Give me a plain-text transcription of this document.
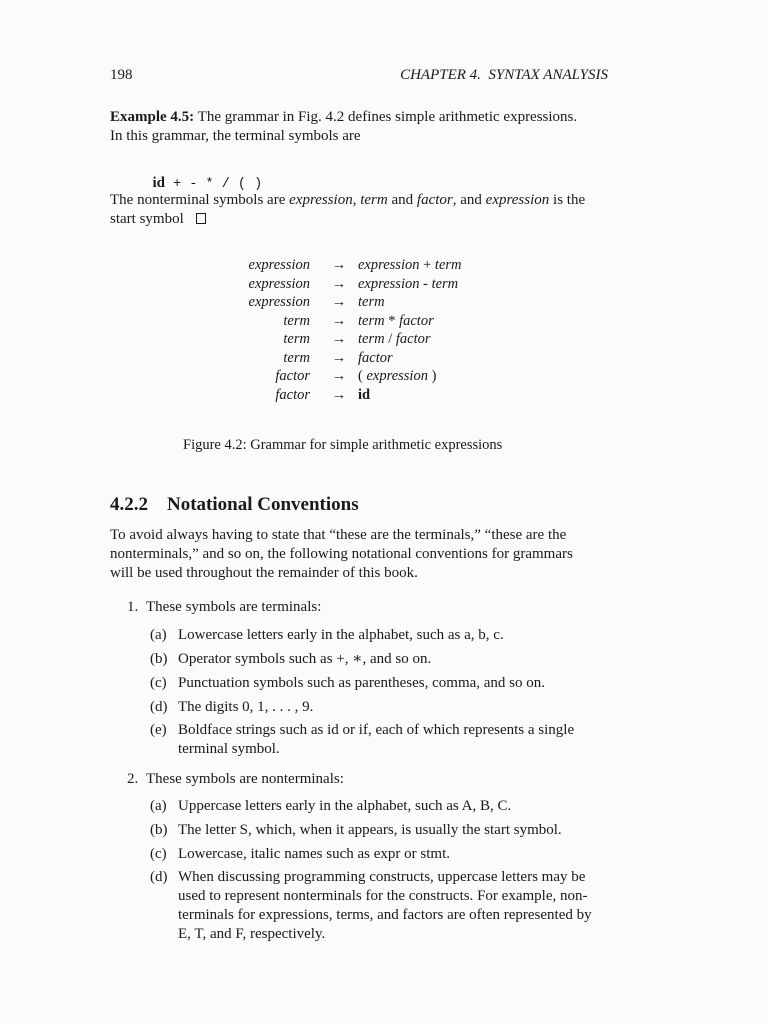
198	CHAPTER 4.  SYNTAX ANALYSIS
Example 4.5: The grammar in Fig. 4.2 defines simple arithmetic expressions.
In this grammar, the terminal symbols are

id + - * / ( )

The nonterminal symbols are expression, term and factor, and expression is the
start symbol
expression → expression + term
expression → expression - term
expression → term
term → term * factor
term → term / factor
term → factor
factor → ( expression )
factor → id
Figure 4.2: Grammar for simple arithmetic expressions
4.2.2 Notational Conventions
To avoid always having to state that “these are the terminals,” “these are the
nonterminals,” and so on, the following notational conventions for grammars
will be used throughout the remainder of this book.
1. These symbols are terminals:
(a) Lowercase letters early in the alphabet, such as a, b, c.
(b) Operator symbols such as +, ∗, and so on.
(c) Punctuation symbols such as parentheses, comma, and so on.
(d) The digits 0, 1, . . . , 9.
(e) Boldface strings such as id or if, each of which represents a single
terminal symbol.
2. These symbols are nonterminals:
(a) Uppercase letters early in the alphabet, such as A, B, C.
(b) The letter S, which, when it appears, is usually the start symbol.
(c) Lowercase, italic names such as expr or stmt.
(d) When discussing programming constructs, uppercase letters may be
used to represent nonterminals for the constructs. For example, non-
terminals for expressions, terms, and factors are often represented by
E, T, and F, respectively.
